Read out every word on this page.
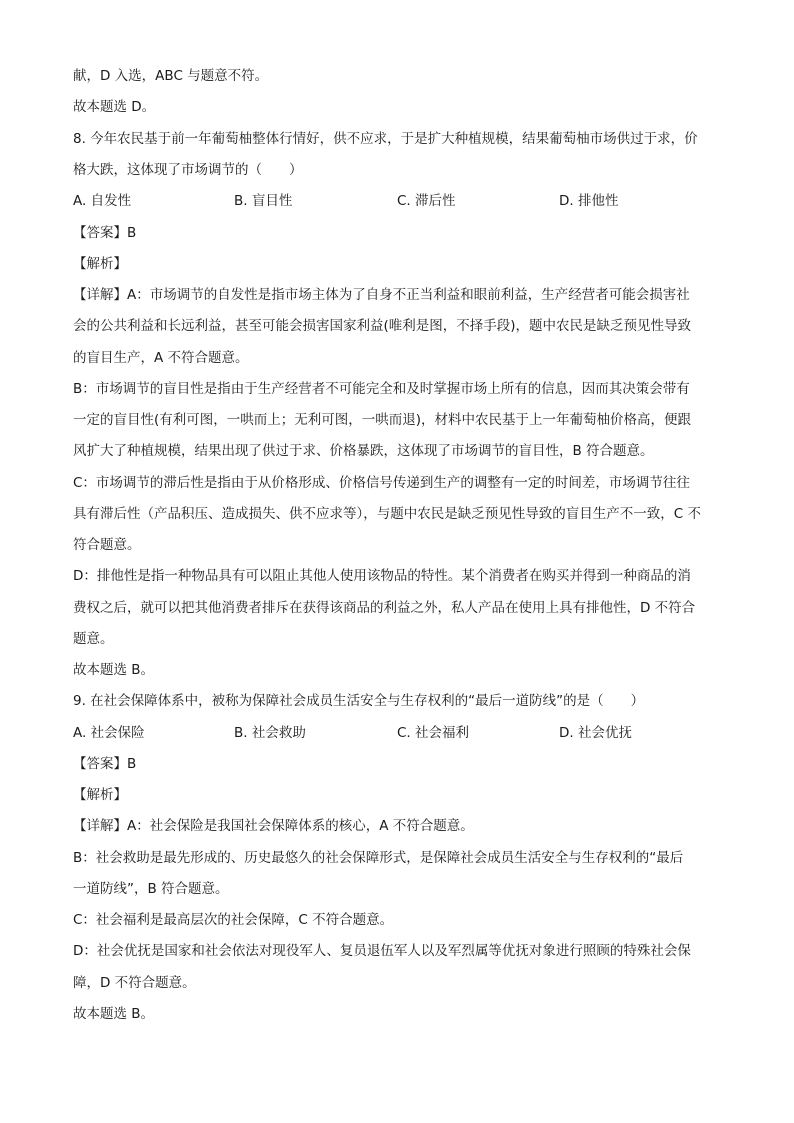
献，D 入选，ABC 与题意不符。
故本题选 D。
8. 今年农民基于前一年葡萄柚整体行情好，供不应求，于是扩大种植规模，结果葡萄柚市场供过于求，价
格大跌，这体现了市场调节的（　　）
A. 自发性	B. 盲目性	C. 滞后性	D. 排他性
【答案】B
【解析】
【详解】A：市场调节的自发性是指市场主体为了自身不正当利益和眼前利益，生产经营者可能会损害社
会的公共利益和长远利益，甚至可能会损害国家利益(唯利是图，不择手段)，题中农民是缺乏预见性导致
的盲目生产，A 不符合题意。
B：市场调节的盲目性是指由于生产经营者不可能完全和及时掌握市场上所有的信息，因而其决策会带有
一定的盲目性(有利可图，一哄而上；无利可图，一哄而退)，材料中农民基于上一年葡萄柚价格高，便跟
风扩大了种植规模，结果出现了供过于求、价格暴跌，这体现了市场调节的盲目性，B 符合题意。
C：市场调节的滞后性是指由于从价格形成、价格信号传递到生产的调整有一定的时间差，市场调节往往
具有滞后性（产品积压、造成损失、供不应求等），与题中农民是缺乏预见性导致的盲目生产不一致，C 不
符合题意。
D：排他性是指一种物品具有可以阻止其他人使用该物品的特性。某个消费者在购买并得到一种商品的消
费权之后，就可以把其他消费者排斥在获得该商品的利益之外，私人产品在使用上具有排他性，D 不符合
题意。
故本题选 B。
9. 在社会保障体系中，被称为保障社会成员生活安全与生存权利的“最后一道防线”的是（　　）
A. 社会保险	B. 社会救助	C. 社会福利	D. 社会优抚
【答案】B
【解析】
【详解】A：社会保险是我国社会保障体系的核心，A 不符合题意。
B：社会救助是最先形成的、历史最悠久的社会保障形式，是保障社会成员生活安全与生存权利的“最后
一道防线”，B 符合题意。
C：社会福利是最高层次的社会保障，C 不符合题意。
D：社会优抚是国家和社会依法对现役军人、复员退伍军人以及军烈属等优抚对象进行照顾的特殊社会保
障，D 不符合题意。
故本题选 B。
